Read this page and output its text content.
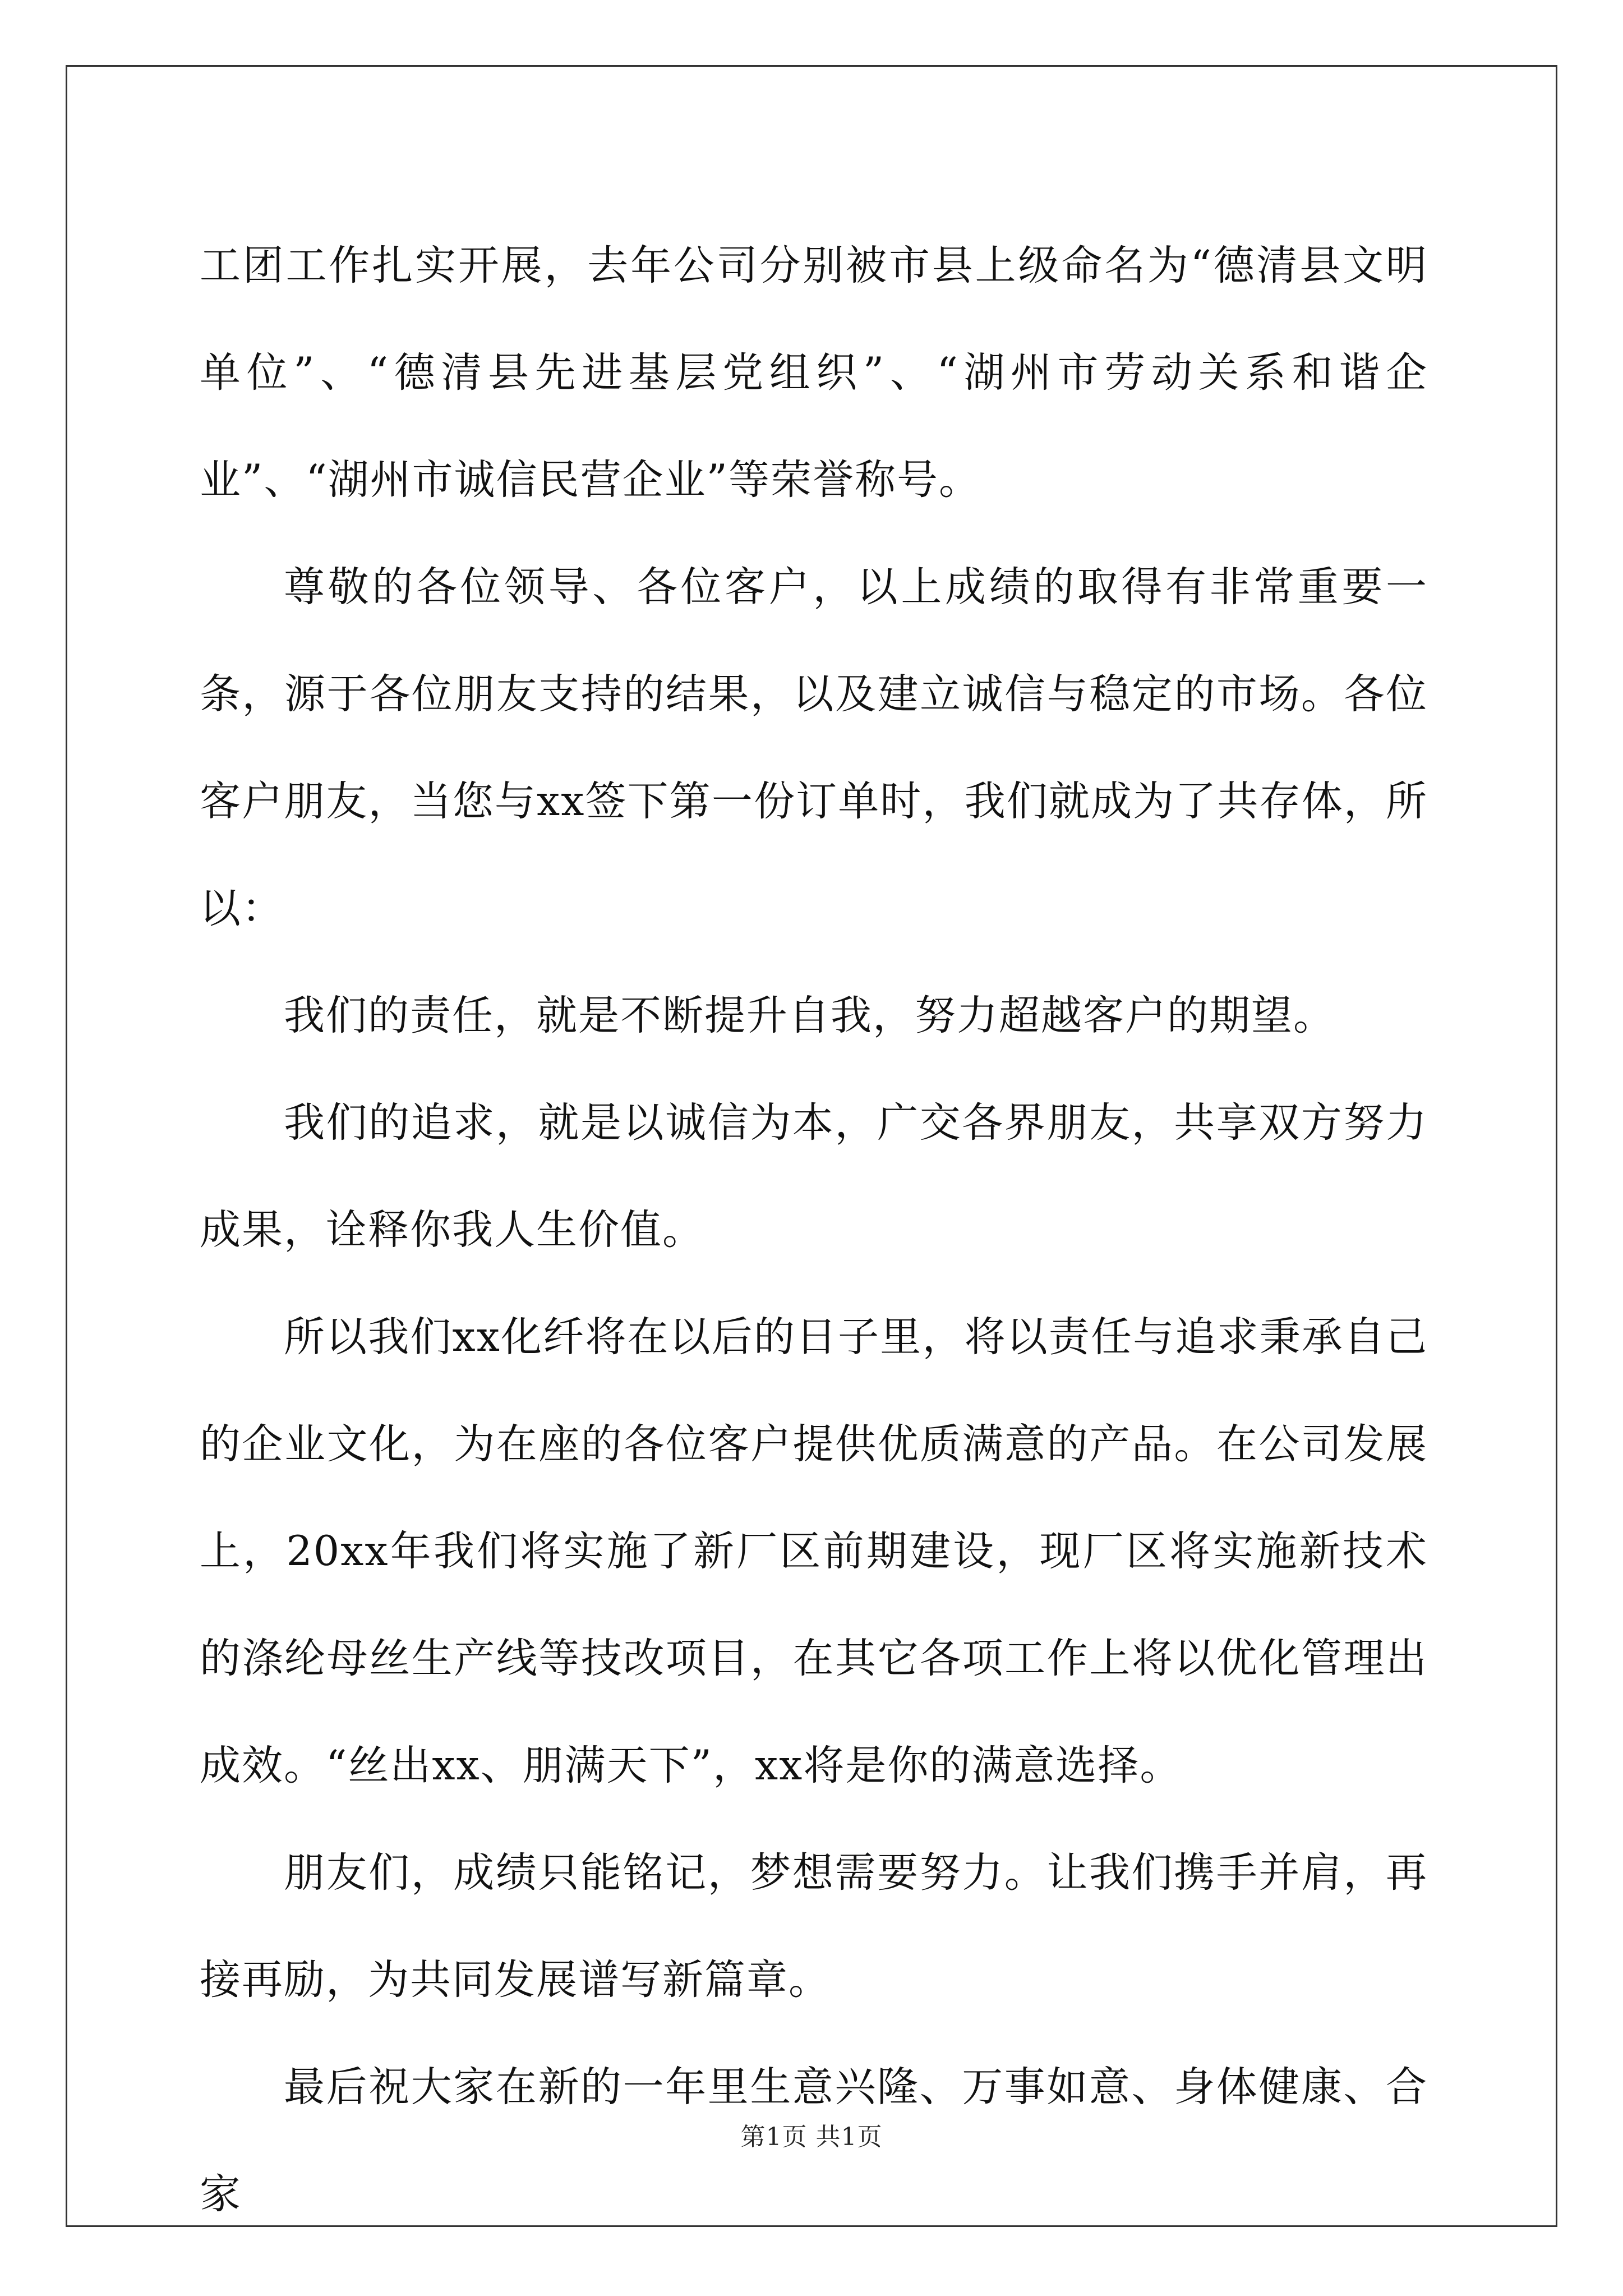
工团工作扎实开展，去年公司分别被市县上级命名为“德清县文明单位”、“德清县先进基层党组织”、“湖州市劳动关系和谐企业”、“湖州市诚信民营企业”等荣誉称号。

尊敬的各位领导、各位客户，以上成绩的取得有非常重要一条，源于各位朋友支持的结果，以及建立诚信与稳定的市场。各位客户朋友，当您与xx签下第一份订单时，我们就成为了共存体，所以：

我们的责任，就是不断提升自我，努力超越客户的期望。

我们的追求，就是以诚信为本，广交各界朋友，共享双方努力成果，诠释你我人生价值。

所以我们xx化纤将在以后的日子里，将以责任与追求秉承自己的企业文化，为在座的各位客户提供优质满意的产品。在公司发展上，20xx年我们将实施了新厂区前期建设，现厂区将实施新技术的涤纶母丝生产线等技改项目，在其它各项工作上将以优化管理出成效。“丝出xx、朋满天下”，xx将是你的满意选择。

朋友们，成绩只能铭记，梦想需要努力。让我们携手并肩，再接再励，为共同发展谱写新篇章。

最后祝大家在新的一年里生意兴隆、万事如意、身体健康、合家

第1页 共1页
